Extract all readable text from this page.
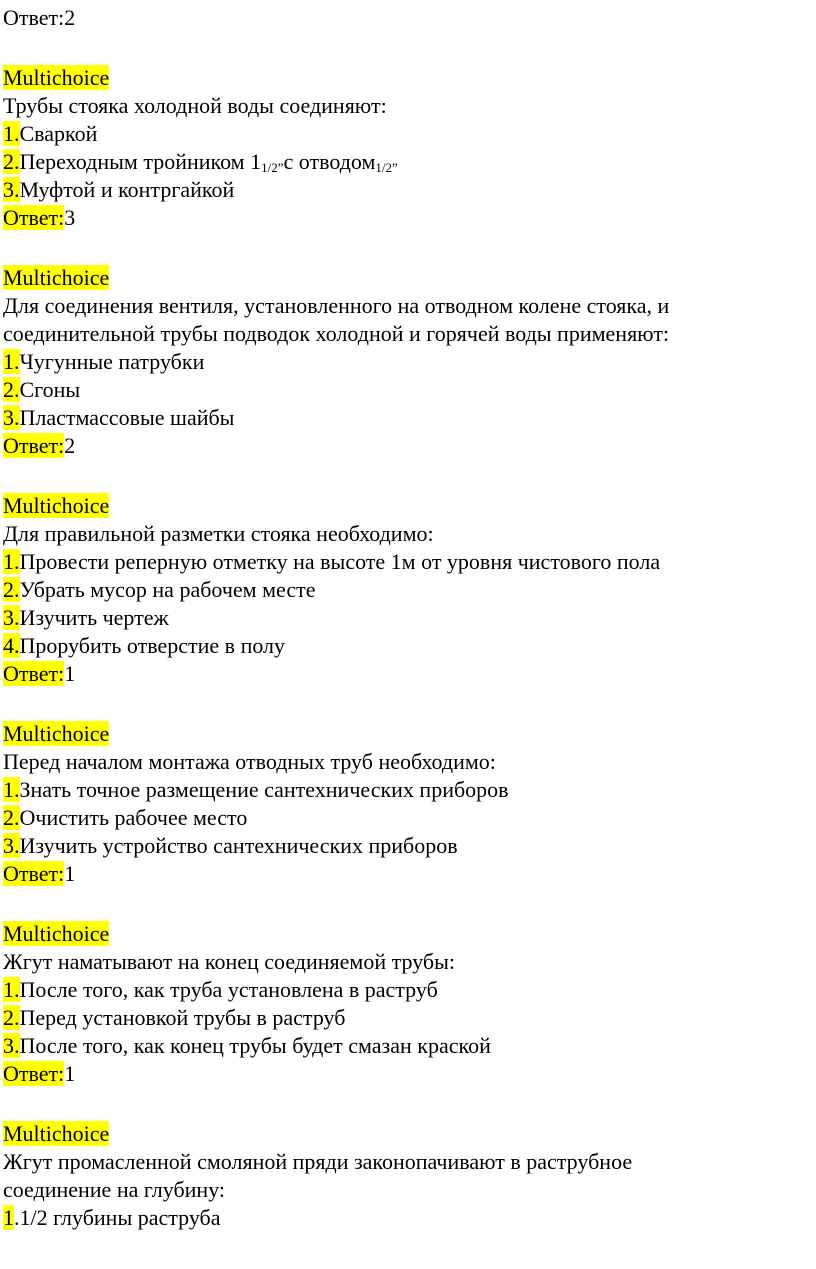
Ответ:2
Multichoice
Трубы стояка холодной воды соединяют:
1.Сваркой
2.Переходным тройником $1_{1/2”}с$ отводом$_{1/2”}$
3.Муфтой и контргайкой
Ответ:3
Multichoice
Для соединения вентиля, установленного на отводном колене стояка, и
соединительной трубы подводок холодной и горячей воды применяют:
1.Чугунные патрубки
2.Сгоны
3.Пластмассовые шайбы
Ответ:2
Multichoice
Для правильной разметки стояка необходимо:
1.Провести реперную отметку на высоте 1м от уровня чистового пола
2.Убрать мусор на рабочем месте
3.Изучить чертеж
4.Прорубить отверстие в полу
Ответ:1
Multichoice
Перед началом монтажа отводных труб необходимо:
1.Знать точное размещение сантехнических приборов
2.Очистить рабочее место
3.Изучить устройство сантехнических приборов
Ответ:1
Multichoice
Жгут наматывают на конец соединяемой трубы:
1.После того, как труба установлена в раструб
2.Перед установкой трубы в раструб
3.После того, как конец трубы будет смазан краской
Ответ:1
Multichoice
Жгут промасленной смоляной пряди законопачивают в раструбное
соединение на глубину:
1.1/2 глубины раструба
